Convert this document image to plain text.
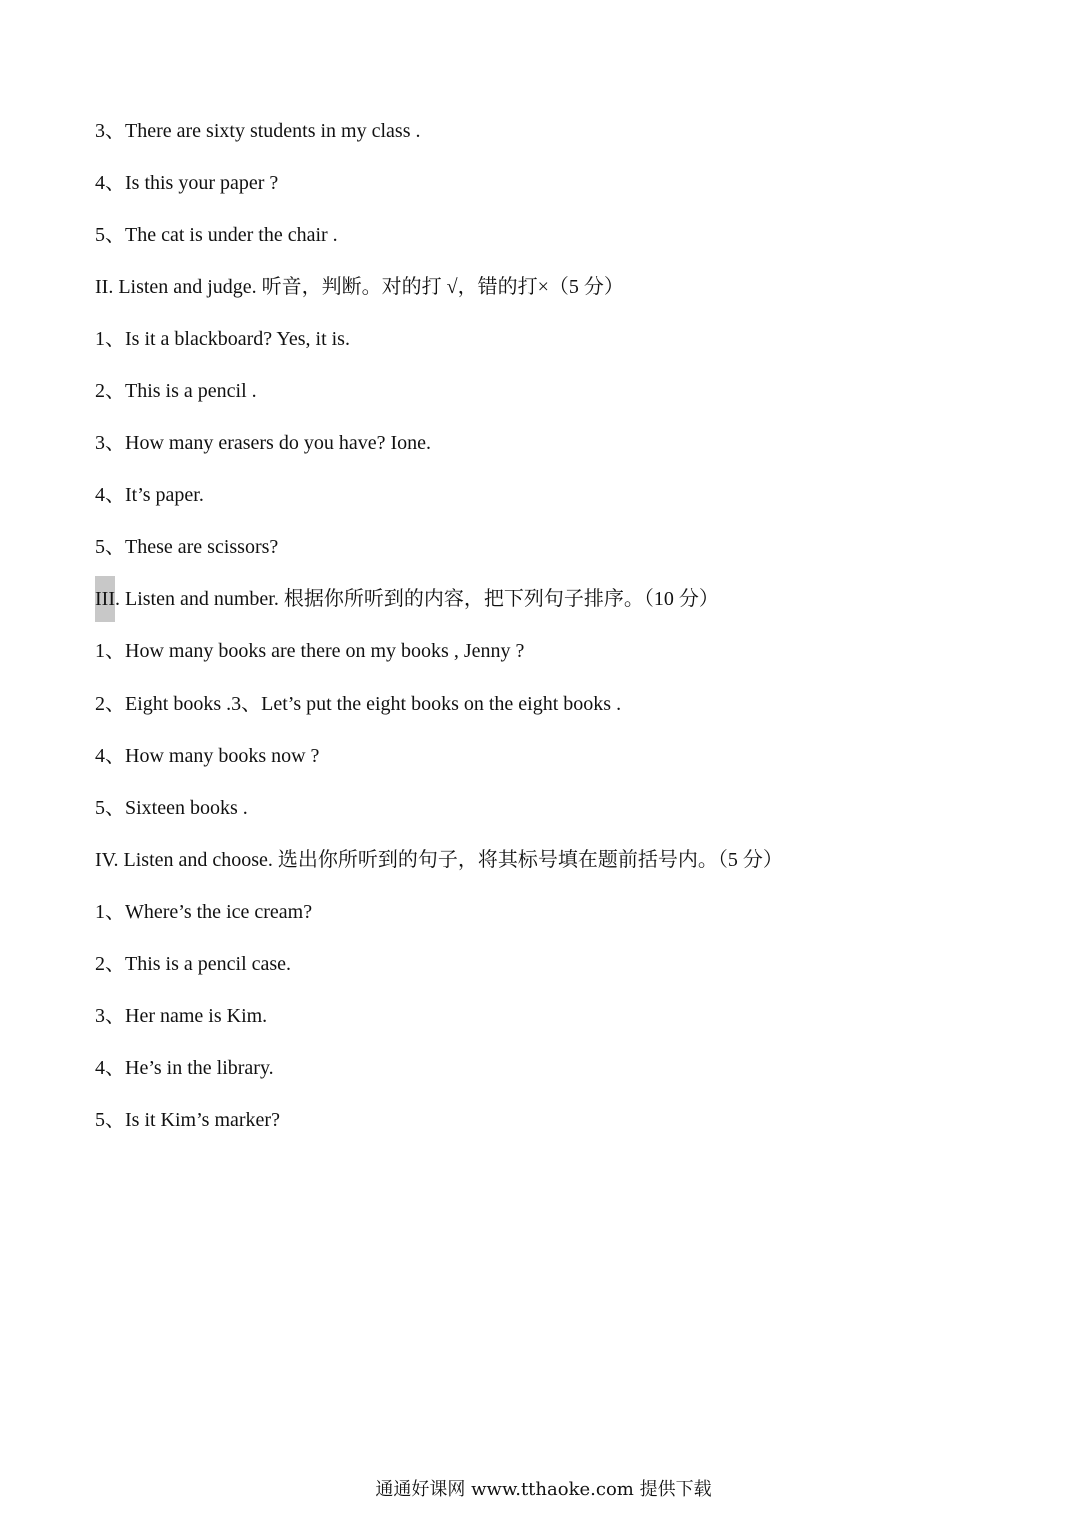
3、There are sixty students in my class .
4、Is this your paper ?
5、The cat is under the chair .
II. Listen and judge. 听音，判断。对的打 √，错的打×（5 分）
1、Is it a blackboard? Yes, it is.
2、This is a pencil .
3、How many erasers do you have? Ione.
4、It’s paper.
5、These are scissors?
III. Listen and number. 根据你所听到的内容，把下列句子排序。（10 分）
1、How many books are there on my books , Jenny ?
2、Eight books .3、Let’s put the eight books on the eight books .
4、How many books now ?
5、Sixteen books .
IV. Listen and choose. 选出你所听到的句子，将其标号填在题前括号内。（5 分）
1、Where’s the ice cream?
2、This is a pencil case.
3、Her name is Kim.
4、He’s in the library.
5、Is it Kim’s marker?
通通好课网 www.tthaoke.com 提供下载
